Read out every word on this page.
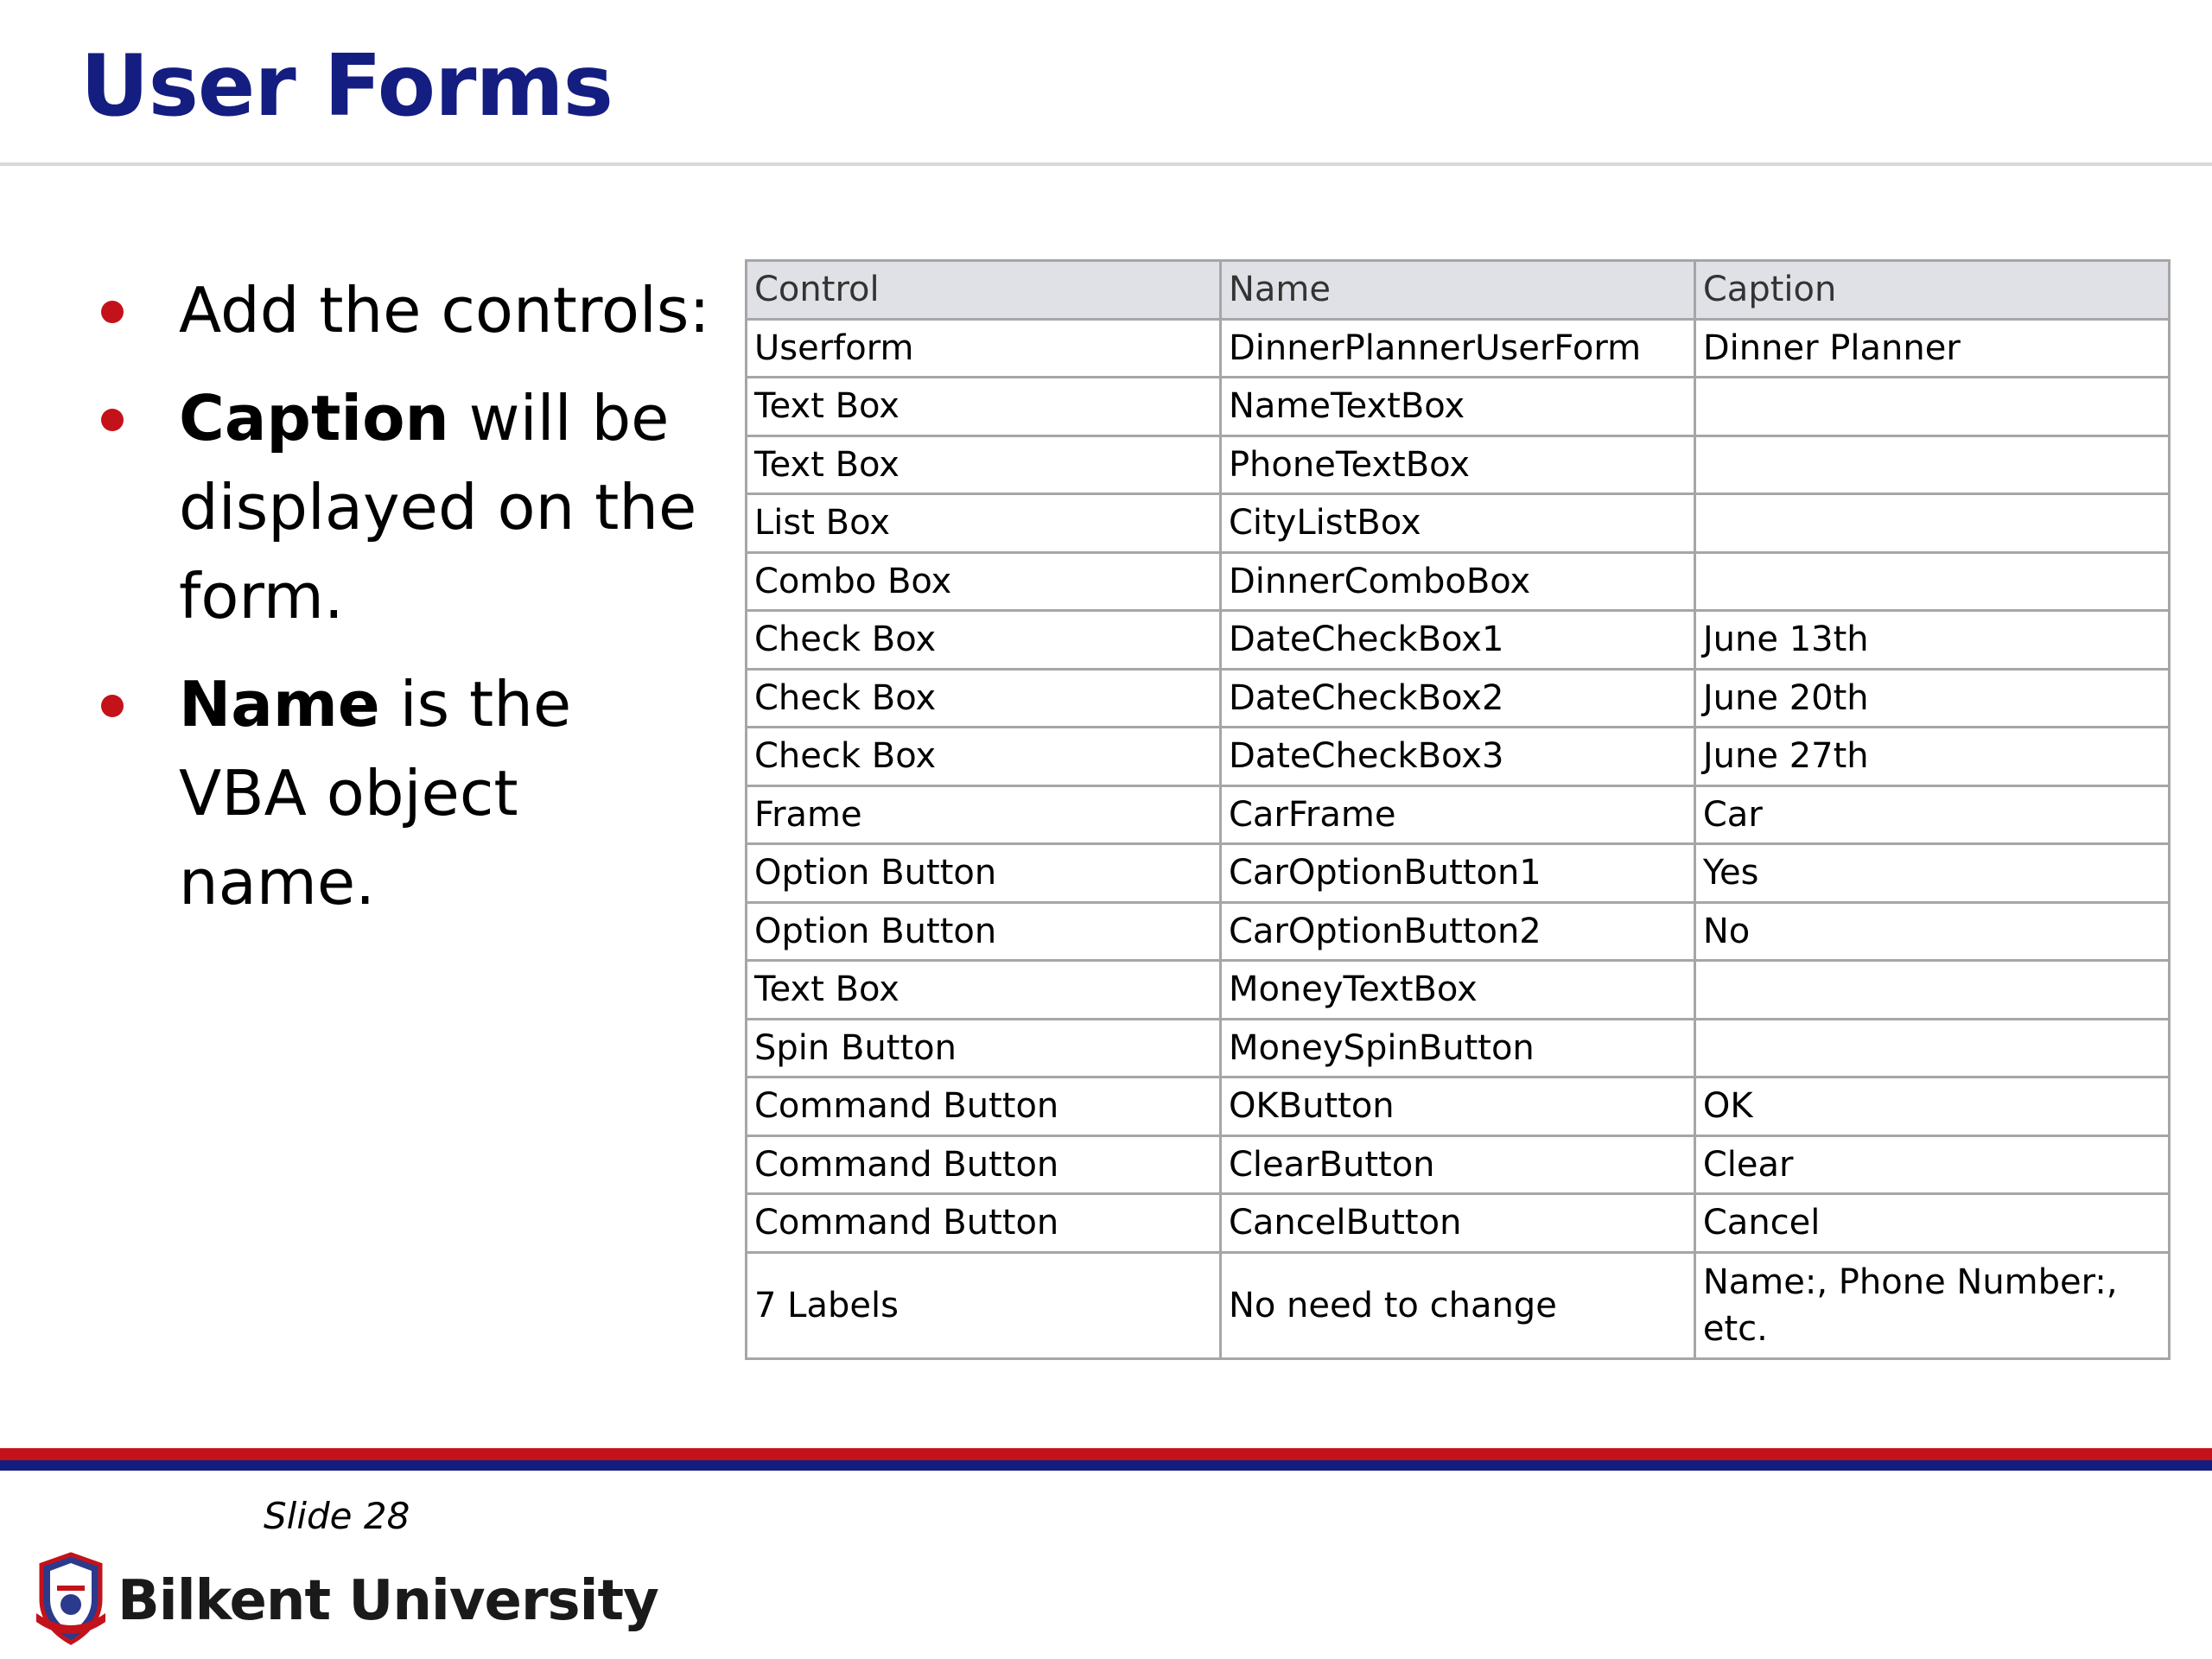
User Forms
Add the controls:
Caption will be displayed on the form.
Name is the VBA object name.
Control	Name	Caption
Userform	DinnerPlannerUserForm	Dinner Planner
Text Box	NameTextBox	
Text Box	PhoneTextBox	
List Box	CityListBox	
Combo Box	DinnerComboBox	
Check Box	DateCheckBox1	June 13th
Check Box	DateCheckBox2	June 20th
Check Box	DateCheckBox3	June 27th
Frame	CarFrame	Car
Option Button	CarOptionButton1	Yes
Option Button	CarOptionButton2	No
Text Box	MoneyTextBox	
Spin Button	MoneySpinButton	
Command Button	OKButton	OK
Command Button	ClearButton	Clear
Command Button	CancelButton	Cancel
7 Labels	No need to change	Name:, Phone Number:, etc.
Slide 28
Bilkent University
